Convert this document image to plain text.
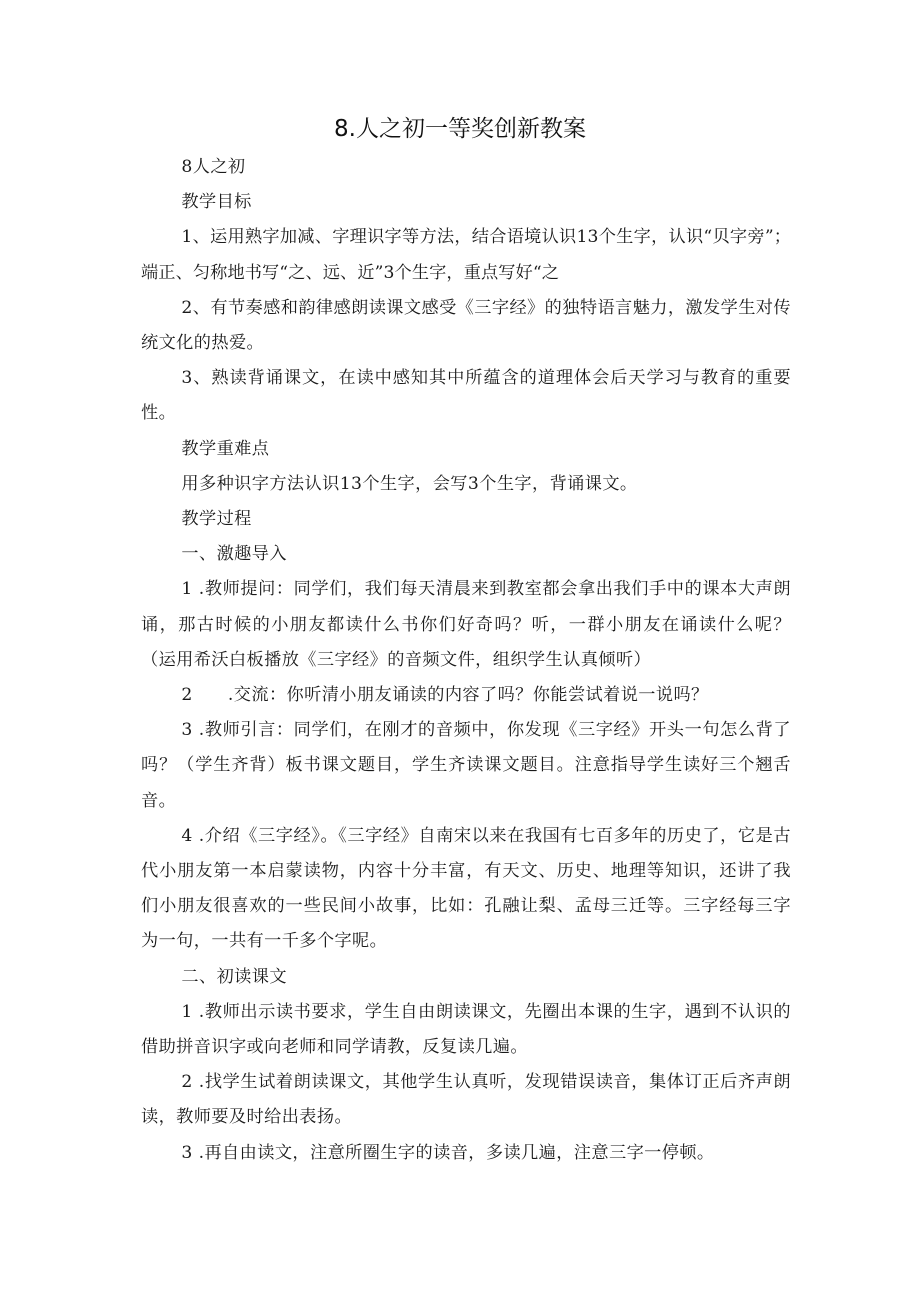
8.人之初一等奖创新教案

8人之初

教学目标

1、运用熟字加减、字理识字等方法，结合语境认识13个生字，认识“贝字旁”；端正、匀称地书写“之、远、近”3个生字，重点写好“之

2、有节奏感和韵律感朗读课文感受《三字经》的独特语言魅力，激发学生对传统文化的热爱。

3、熟读背诵课文，在读中感知其中所蕴含的道理体会后天学习与教育的重要性。

教学重难点

用多种识字方法认识13个生字，会写3个生字，背诵课文。

教学过程

一、激趣导入

1 .教师提问：同学们，我们每天清晨来到教室都会拿出我们手中的课本大声朗诵，那古时候的小朋友都读什么书你们好奇吗？听，一群小朋友在诵读什么呢？（运用希沃白板播放《三字经》的音频文件，组织学生认真倾听）

2　　.交流：你听清小朋友诵读的内容了吗？你能尝试着说一说吗？

3 .教师引言：同学们，在刚才的音频中，你发现《三字经》开头一句怎么背了吗？（学生齐背）板书课文题目，学生齐读课文题目。注意指导学生读好三个翘舌音。

4 .介绍《三字经》。《三字经》自南宋以来在我国有七百多年的历史了，它是古代小朋友第一本启蒙读物，内容十分丰富，有天文、历史、地理等知识，还讲了我们小朋友很喜欢的一些民间小故事，比如：孔融让梨、孟母三迁等。三字经每三字为一句，一共有一千多个字呢。

二、初读课文

1 .教师出示读书要求，学生自由朗读课文，先圈出本课的生字，遇到不认识的借助拼音识字或向老师和同学请教，反复读几遍。

2 .找学生试着朗读课文，其他学生认真听，发现错误读音，集体订正后齐声朗读，教师要及时给出表扬。

3 .再自由读文，注意所圈生字的读音，多读几遍，注意三字一停顿。
